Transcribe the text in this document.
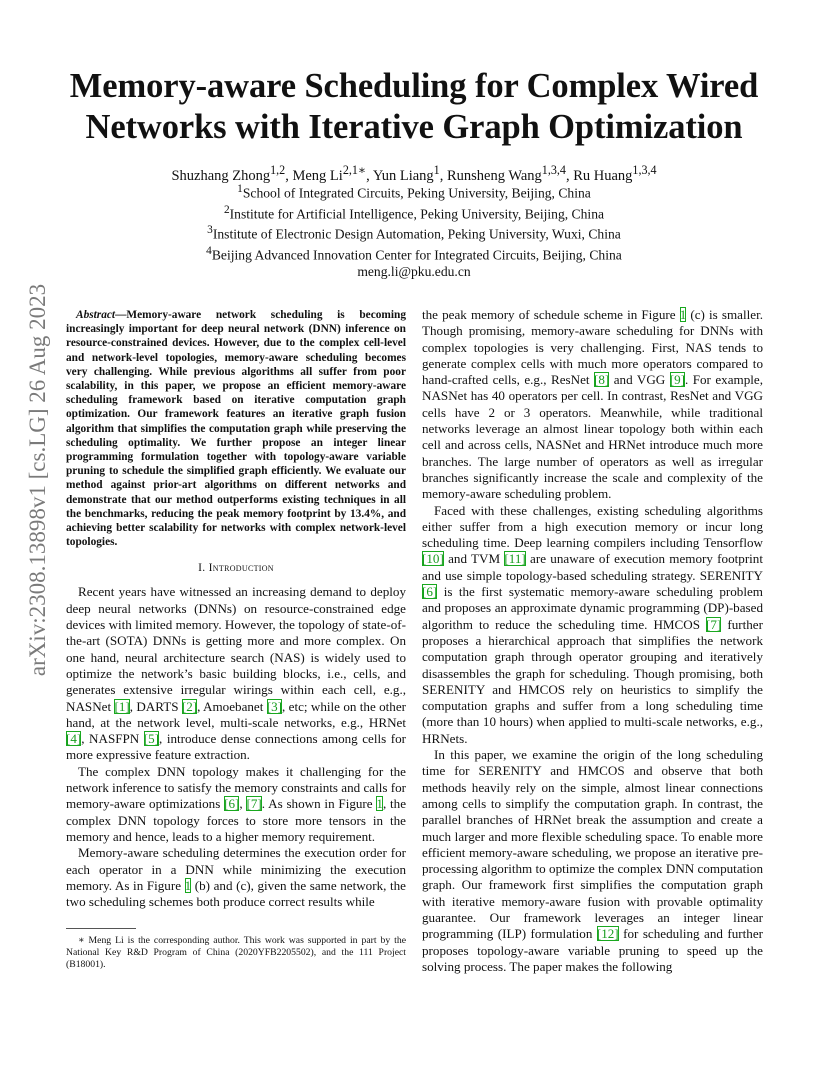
arXiv:2308.13898v1 [cs.LG] 26 Aug 2023
Memory-aware Scheduling for Complex Wired Networks with Iterative Graph Optimization
Shuzhang Zhong$^{1,2}$, Meng $Li^{2,1∗}$, Yun Liang$^1$, Runsheng Wang$^{1,3,4}$, Ru Huang$^{1,3,4}$
$^1$School of Integrated Circuits, Peking University, Beijing, China
$^2$Institute for Artificial Intelligence, Peking University, Beijing, China
$^3$Institute of Electronic Design Automation, Peking University, Wuxi, China
$^4$Beijing Advanced Innovation Center for Integrated Circuits, Beijing, China
meng.li@pku.edu.cn

Abstract—Memory-aware network scheduling is becoming increasingly important for deep neural network (DNN) inference on resource-constrained devices. However, due to the complex cell-level and network-level topologies, memory-aware scheduling becomes very challenging. While previous algorithms all suffer from poor scalability, in this paper, we propose an efficient memory-aware scheduling framework based on iterative computation graph optimization. Our framework features an iterative graph fusion algorithm that simplifies the computation graph while preserving the scheduling optimality. We further propose an integer linear programming formulation together with topology-aware variable pruning to schedule the simplified graph efficiently. We evaluate our method against prior-art algorithms on different networks and demonstrate that our method outperforms existing techniques in all the benchmarks, reducing the peak memory footprint by 13.4%, and achieving better scalability for networks with complex network-level topologies.

I. Introduction

Recent years have witnessed an increasing demand to deploy deep neural networks (DNNs) on resource-constrained edge devices with limited memory. However, the topology of state-of-the-art (SOTA) DNNs is getting more and more complex. On one hand, neural architecture search (NAS) is widely used to optimize the network’s basic building blocks, i.e., cells, and generates extensive irregular wirings within each cell, e.g., NASNet [1], DARTS [2], Amoebanet [3], etc; while on the other hand, at the network level, multi-scale networks, e.g., HRNet [4], NASFPN [5], introduce dense connections among cells for more expressive feature extraction.

The complex DNN topology makes it challenging for the network inference to satisfy the memory constraints and calls for memory-aware optimizations [6], [7]. As shown in Figure 1, the complex DNN topology forces to store more tensors in the memory and hence, leads to a higher memory requirement.

Memory-aware scheduling determines the execution order for each operator in a DNN while minimizing the execution memory. As in Figure 1 (b) and (c), given the same network, the two scheduling schemes both produce correct results while

∗ Meng Li is the corresponding author. This work was supported in part by the National Key R&D Program of China (2020YFB2205502), and the 111 Project (B18001).

the peak memory of schedule scheme in Figure 1 (c) is smaller. Though promising, memory-aware scheduling for DNNs with complex topologies is very challenging. First, NAS tends to generate complex cells with much more operators compared to hand-crafted cells, e.g., ResNet [8] and VGG [9]. For example, NASNet has 40 operators per cell. In contrast, ResNet and VGG cells have 2 or 3 operators. Meanwhile, while traditional networks leverage an almost linear topology both within each cell and across cells, NASNet and HRNet introduce much more branches. The large number of operators as well as irregular branches significantly increase the scale and complexity of the memory-aware scheduling problem.

Faced with these challenges, existing scheduling algorithms either suffer from a high execution memory or incur long scheduling time. Deep learning compilers including Tensorflow [10] and TVM [11] are unaware of execution memory footprint and use simple topology-based scheduling strategy. SERENITY [6] is the first systematic memory-aware scheduling problem and proposes an approximate dynamic programming (DP)-based algorithm to reduce the scheduling time. HMCOS [7] further proposes a hierarchical approach that simplifies the network computation graph through operator grouping and iteratively disassembles the graph for scheduling. Though promising, both SERENITY and HMCOS rely on heuristics to simplify the computation graphs and suffer from a long scheduling time (more than 10 hours) when applied to multi-scale networks, e.g., HRNets.

In this paper, we examine the origin of the long scheduling time for SERENITY and HMCOS and observe that both methods heavily rely on the simple, almost linear connections among cells to simplify the computation graph. In contrast, the parallel branches of HRNet break the assumption and create a much larger and more flexible scheduling space. To enable more efficient memory-aware scheduling, we propose an iterative pre-processing algorithm to optimize the complex DNN computation graph. Our framework first simplifies the computation graph with iterative memory-aware fusion with provable optimality guarantee. Our framework leverages an integer linear programming (ILP) formulation [12] for scheduling and further proposes topology-aware variable pruning to speed up the solving process. The paper makes the following
